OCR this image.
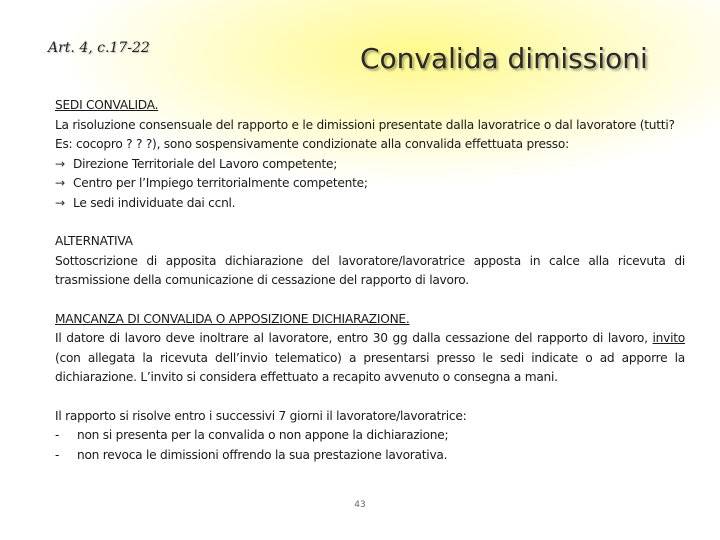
Art. 4, c.17-22	Convalida dimissioni

SEDI CONVALIDA.

La risoluzione consensuale del rapporto e le dimissioni presentate dalla lavoratrice o dal lavoratore (tutti? Es: cocopro ? ? ?), sono sospensivamente condizionate alla convalida effettuata presso:

→ Direzione Territoriale del Lavoro competente;
→ Centro per l’Impiego territorialmente competente;
→ Le sedi individuate dai ccnl.

ALTERNATIVA

Sottoscrizione di apposita dichiarazione del lavoratore/lavoratrice apposta in calce alla ricevuta di trasmissione della comunicazione di cessazione del rapporto di lavoro.

MANCANZA DI CONVALIDA O APPOSIZIONE DICHIARAZIONE.

Il datore di lavoro deve inoltrare al lavoratore, entro 30 gg dalla cessazione del rapporto di lavoro, invito (con allegata la ricevuta dell’invio telematico) a presentarsi presso le sedi indicate o ad apporre la dichiarazione. L’invito si considera effettuato a recapito avvenuto o consegna a mani.

Il rapporto si risolve entro i successivi 7 giorni il lavoratore/lavoratrice:

-	non si presenta per la convalida o non appone la dichiarazione;
-	non revoca le dimissioni offrendo la sua prestazione lavorativa.
43
